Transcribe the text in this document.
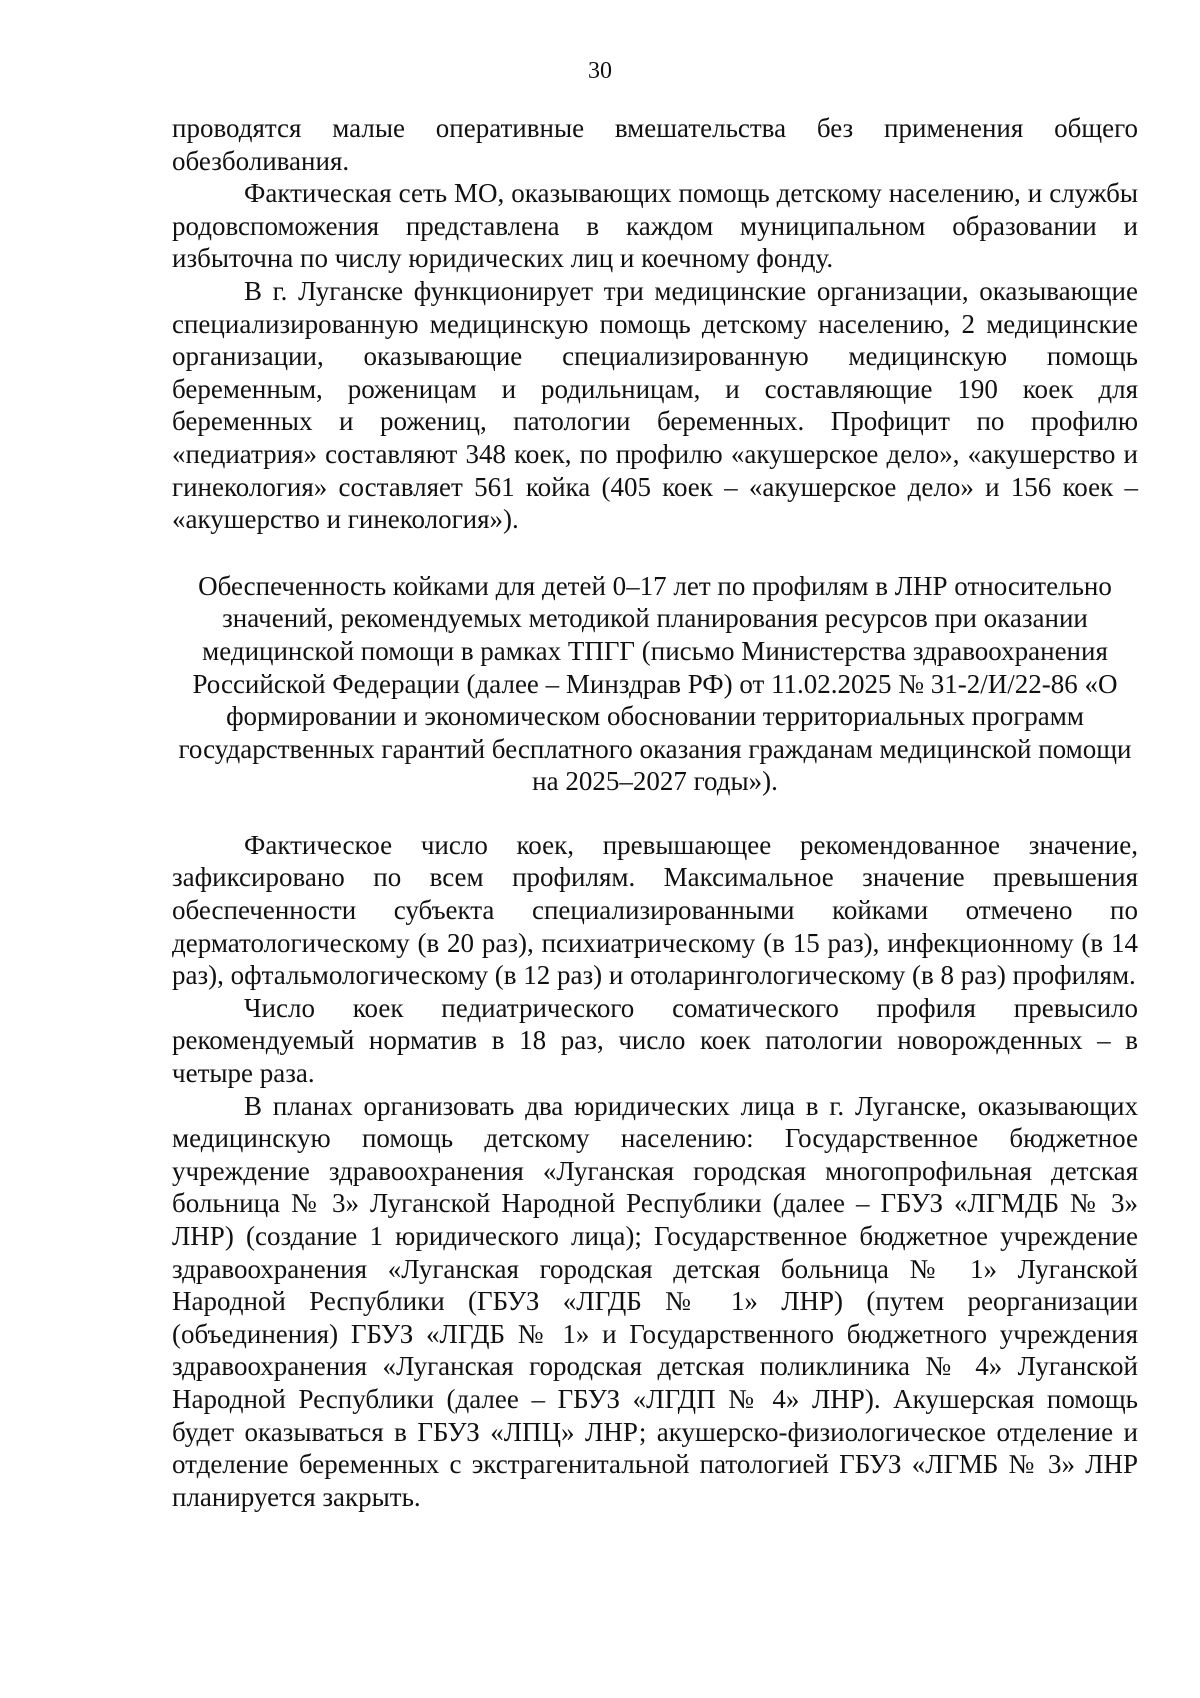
30

проводятся малые оперативные вмешательства без применения общего обезболивания.

Фактическая сеть МО, оказывающих помощь детскому населению, и службы родовспоможения представлена в каждом муниципальном образовании и избыточна по числу юридических лиц и коечному фонду.

В г. Луганске функционирует три медицинские организации, оказывающие специализированную медицинскую помощь детскому населению, 2 медицинские организации, оказывающие специализированную медицинскую помощь беременным, роженицам и родильницам, и составляющие 190 коек для беременных и рожениц, патологии беременных. Профицит по профилю «педиатрия» составляют 348 коек, по профилю «акушерское дело», «акушерство и гинекология» составляет 561 койка (405 коек – «акушерское дело» и 156 коек – «акушерство и гинекология»).

Обеспеченность койками для детей 0–17 лет по профилям в ЛНР относительно значений, рекомендуемых методикой планирования ресурсов при оказании медицинской помощи в рамках ТПГГ (письмо Министерства здравоохранения Российской Федерации (далее – Минздрав РФ) от 11.02.2025 № 31-2/И/22-86 «О формировании и экономическом обосновании территориальных программ государственных гарантий бесплатного оказания гражданам медицинской помощи на 2025–2027 годы»).

Фактическое число коек, превышающее рекомендованное значение, зафиксировано по всем профилям. Максимальное значение превышения обеспеченности субъекта специализированными койками отмечено по дерматологическому (в 20 раз), психиатрическому (в 15 раз), инфекционному (в 14 раз), офтальмологическому (в 12 раз) и отоларингологическому (в 8 раз) профилям.

Число коек педиатрического соматического профиля превысило рекомендуемый норматив в 18 раз, число коек патологии новорожденных – в четыре раза.

В планах организовать два юридических лица в г. Луганске, оказывающих медицинскую помощь детскому населению: Государственное бюджетное учреждение здравоохранения «Луганская городская многопрофильная детская больница № 3» Луганской Народной Республики (далее – ГБУЗ «ЛГМДБ № 3» ЛНР) (создание 1 юридического лица); Государственное бюджетное учреждение здравоохранения «Луганская городская детская больница № 1» Луганской Народной Республики (ГБУЗ «ЛГДБ № 1» ЛНР) (путем реорганизации (объединения) ГБУЗ «ЛГДБ № 1» и Государственного бюджетного учреждения здравоохранения «Луганская городская детская поликлиника № 4» Луганской Народной Республики (далее – ГБУЗ «ЛГДП № 4» ЛНР). Акушерская помощь будет оказываться в ГБУЗ «ЛПЦ» ЛНР; акушерско-физиологическое отделение и отделение беременных с экстрагенитальной патологией ГБУЗ «ЛГМБ № 3» ЛНР планируется закрыть.
